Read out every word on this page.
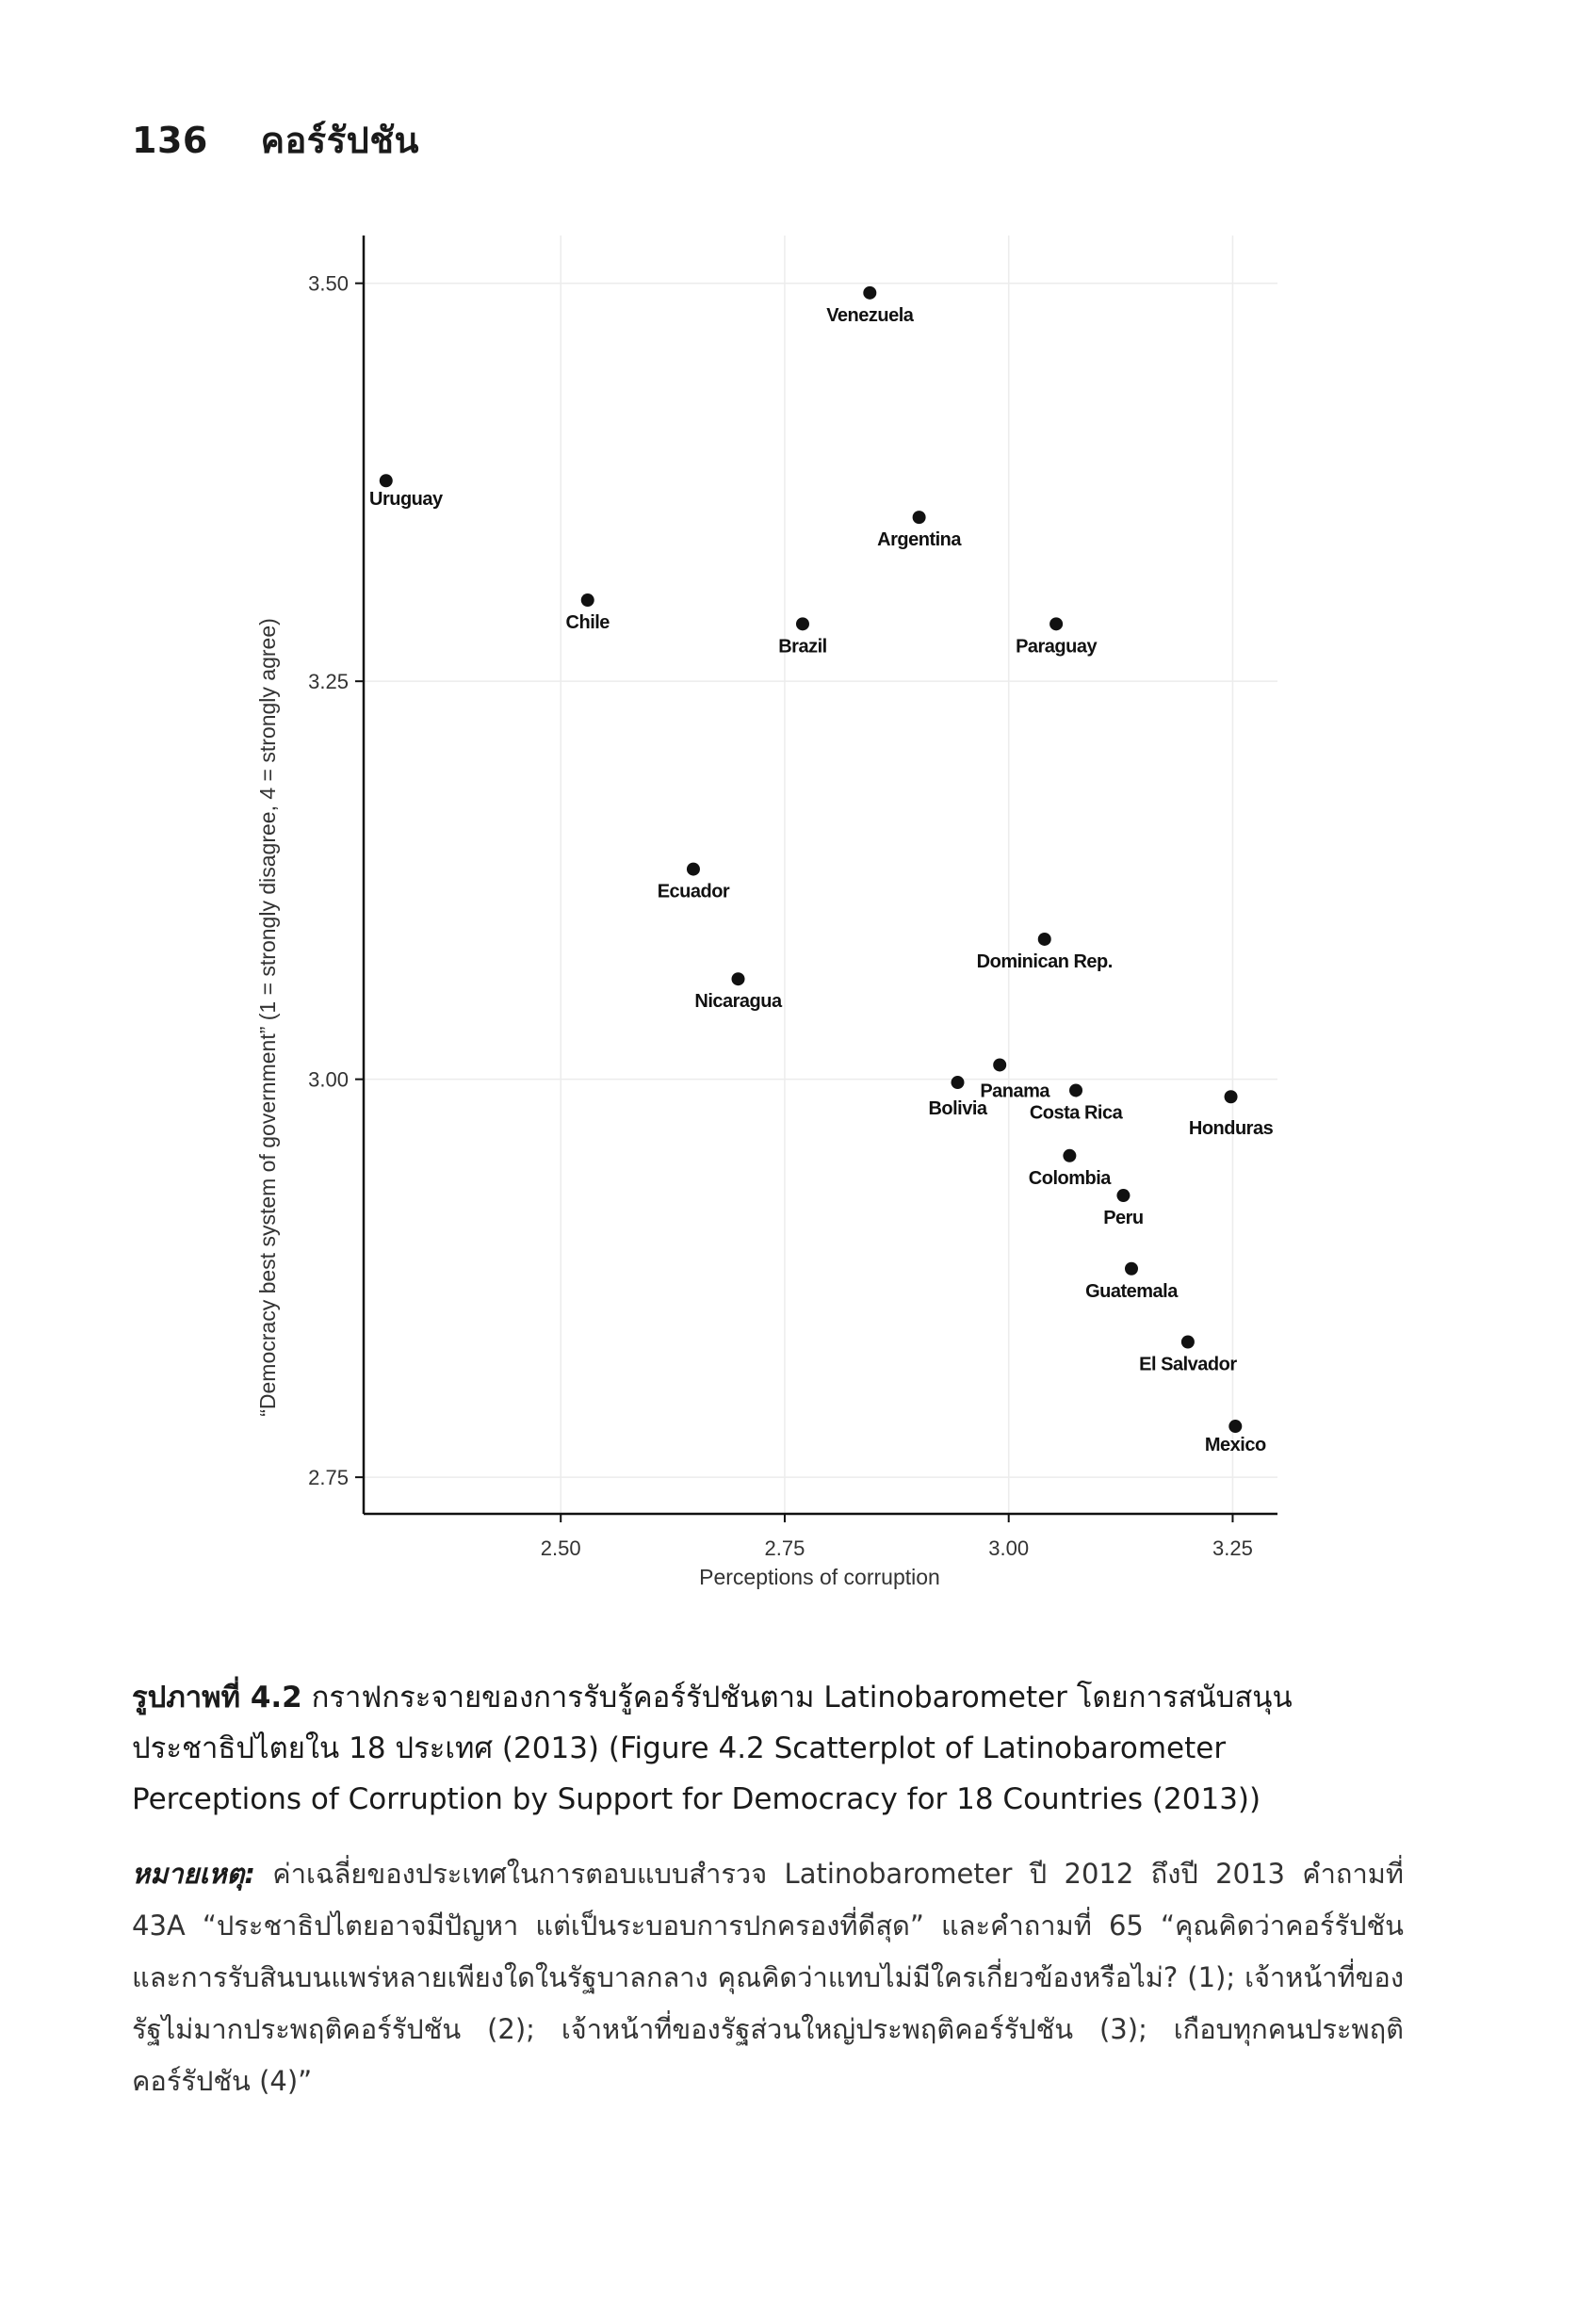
136 คอร์รัปชัน
2.50	2.75	3.00	3.25
2.75
3.00
3.25
3.50
Venezuela
Uruguay
Argentina
Chile
Brazil	Paraguay
Ecuador
Dominican Rep.
Nicaragua
Panama
Bolivia Costa Rica
Honduras
Colombia
Peru
Guatemala
El Salvador
Mexico
Perceptions of corruption
“Democracy best system of government” (1 = strongly disagree, 4 = strongly agree)
รูปภาพที่ 4.2 กราฟกระจายของการรับรู้คอร์รัปชันตาม Latinobarometer โดยการสนับสนุนประชาธิปไตยใน 18 ประเทศ (2013) (Figure 4.2 Scatterplot of Latinobarometer Perceptions of Corruption by Support for Democracy for 18 Countries (2013))
หมายเหตุ: ค่าเฉลี่ยของประเทศในการตอบแบบสำรวจ Latinobarometer ปี 2012 ถึงปี 2013 คำถามที่ 43A “ประชาธิปไตยอาจมีปัญหา แต่เป็นระบอบการปกครองที่ดีสุด” และคำถามที่ 65 “คุณคิดว่าคอร์รัปชันและการรับสินบนแพร่หลายเพียงใดในรัฐบาลกลาง คุณคิดว่าแทบไม่มีใครเกี่ยวข้องหรือไม่? (1); เจ้าหน้าที่ของรัฐไม่มากประพฤติคอร์รัปชัน (2); เจ้าหน้าที่ของรัฐส่วนใหญ่ประพฤติคอร์รัปชัน (3); เกือบทุกคนประพฤติคอร์รัปชัน (4)”
